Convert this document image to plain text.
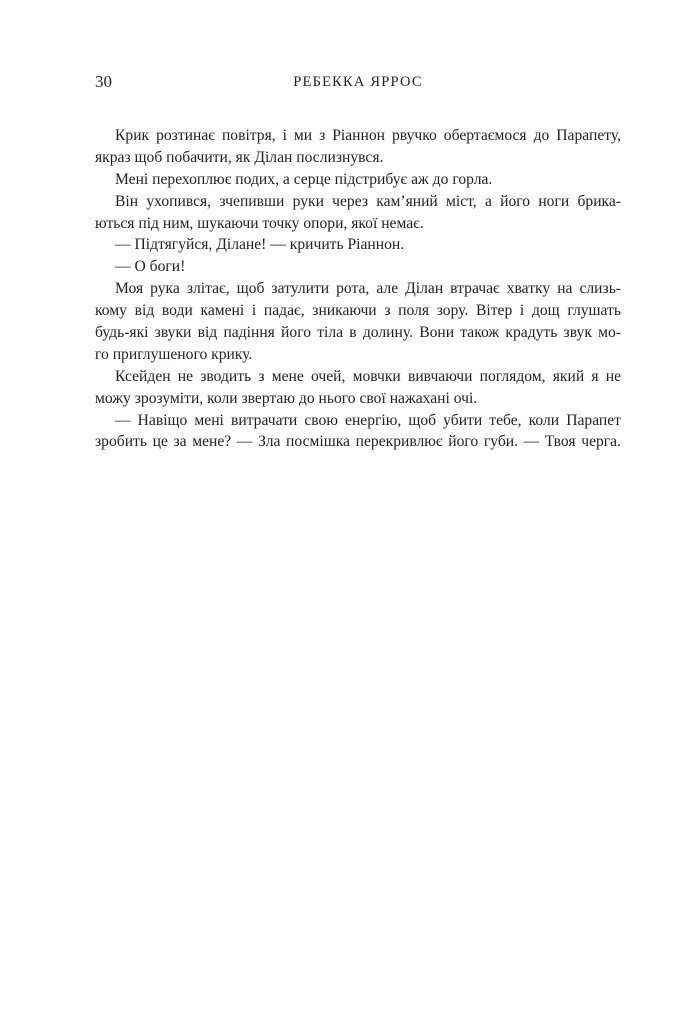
30	РЕБЕККА ЯРРОС
Крик розтинає повітря, і ми з Ріаннон рвучко обертаємося до Парапету,
якраз щоб побачити, як Ділан послизнувся.
Мені перехоплює подих, а серце підстрибує аж до горла.
Він ухопився, зчепивши руки через кам’яний міст, а його ноги брика-
ються під ним, шукаючи точку опори, якої немає.
— Підтягуйся, Ділане! — кричить Ріаннон.
— О боги!
Моя рука злітає, щоб затулити рота, але Ділан втрачає хватку на слизь-
кому від води камені і падає, зникаючи з поля зору. Вітер і дощ глушать
будь-які звуки від падіння його тіла в долину. Вони також крадуть звук мо-
го приглушеного крику.
Ксейден не зводить з мене очей, мовчки вивчаючи поглядом, який я не
можу зрозуміти, коли звертаю до нього свої нажахані очі.
— Навіщо мені витрачати свою енергію, щоб убити тебе, коли Парапет
зробить це за мене? — Зла посмішка перекривлює його губи. — Твоя черга.
